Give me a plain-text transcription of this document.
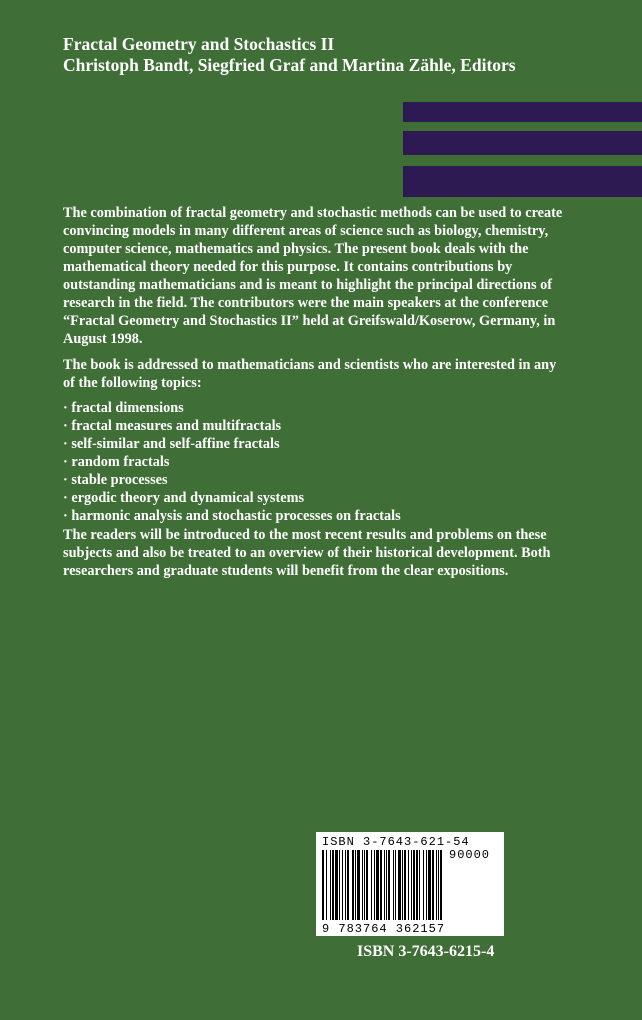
Fractal Geometry and Stochastics II
Christoph Bandt, Siegfried Graf and Martina Zähle, Editors
The combination of fractal geometry and stochastic methods can be used to create convincing models in many different areas of science such as biology, chemistry, computer science, mathematics and physics. The present book deals with the mathematical theory needed for this purpose. It contains contributions by outstanding mathematicians and is meant to highlight the principal directions of research in the field. The contributors were the main speakers at the conference “Fractal Geometry and Stochastics II” held at Greifswald/Koserow, Germany, in August 1998.
The book is addressed to mathematicians and scientists who are interested in any of the following topics:
· fractal dimensions
· fractal measures and multifractals
· self-similar and self-affine fractals
· random fractals
· stable processes
· ergodic theory and dynamical systems
· harmonic analysis and stochastic processes on fractals
The readers will be introduced to the most recent results and problems on these subjects and also be treated to an overview of their historical development. Both researchers and graduate students will benefit from the clear expositions.
ISBN 3-7643-621-54
90000
9 783764 362157
ISBN 3-7643-6215-4
